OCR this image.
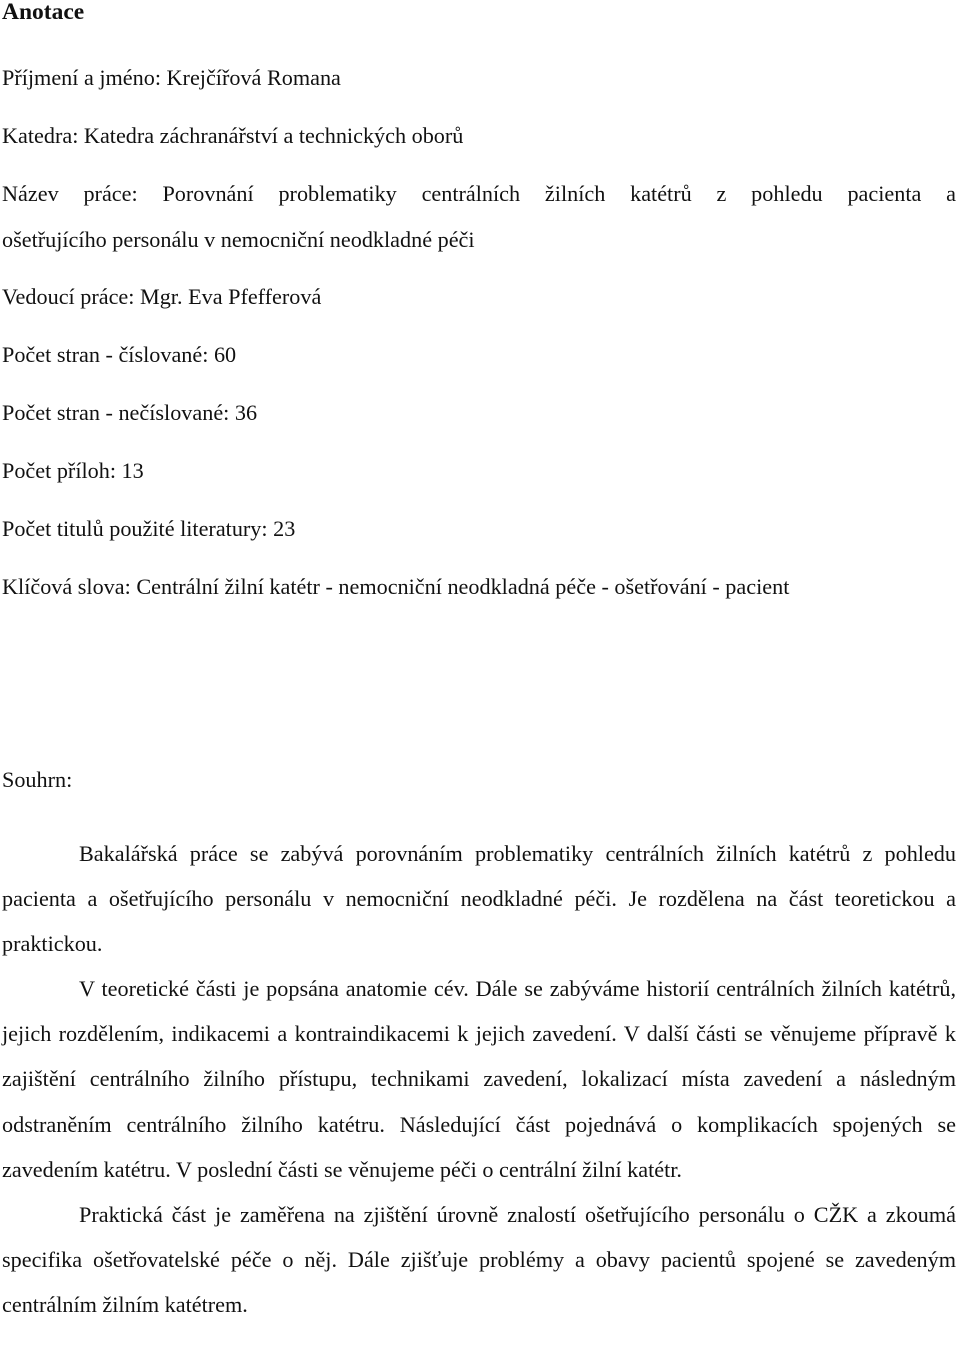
Anotace
Příjmení a jméno: Krejčířová Romana
Katedra: Katedra záchranářství a technických oborů
Název práce: Porovnání problematiky centrálních žilních katétrů z pohledu pacienta a
ošetřujícího personálu v nemocniční neodkladné péči
Vedoucí práce: Mgr. Eva Pfefferová
Počet stran - číslované: 60
Počet stran - nečíslované: 36
Počet příloh: 13
Počet titulů použité literatury: 23
Klíčová slova: Centrální žilní katétr - nemocniční neodkladná péče - ošetřování - pacient
Souhrn:

Bakalářská práce se zabývá porovnáním problematiky centrálních žilních katétrů z pohledu pacienta a ošetřujícího personálu v nemocniční neodkladné péči. Je rozdělena na část teoretickou a praktickou.

V teoretické části je popsána anatomie cév. Dále se zabýváme historií centrálních žilních katétrů, jejich rozdělením, indikacemi a kontraindikacemi k jejich zavedení. V další části se věnujeme přípravě k zajištění centrálního žilního přístupu, technikami zavedení, lokalizací místa zavedení a následným odstraněním centrálního žilního katétru. Následující část pojednává o komplikacích spojených se zavedením katétru. V poslední části se věnujeme péči o centrální žilní katétr.

Praktická část je zaměřena na zjištění úrovně znalostí ošetřujícího personálu o CŽK a zkoumá specifika ošetřovatelské péče o něj. Dále zjišťuje problémy a obavy pacientů spojené se zavedeným centrálním žilním katétrem.
